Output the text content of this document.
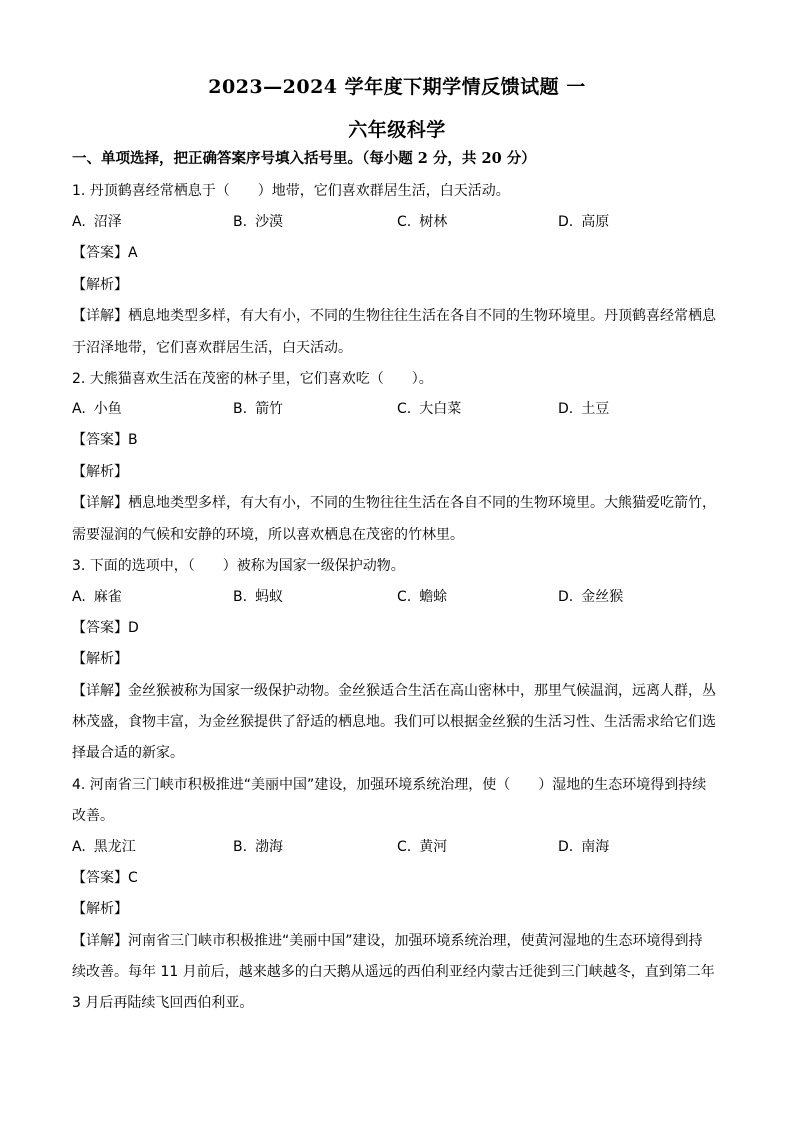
2023—2024 学年度下期学情反馈试题 一
六年级科学
一、单项选择，把正确答案序号填入括号里。（每小题 2 分，共 20 分）
1. 丹顶鹤喜经常栖息于（　　）地带，它们喜欢群居生活，白天活动。
A. 沼泽	B. 沙漠	C. 树林	D. 高原
【答案】A
【解析】
【详解】栖息地类型多样，有大有小，不同的生物往往生活在各自不同的生物环境里。丹顶鹤喜经常栖息
于沼泽地带，它们喜欢群居生活，白天活动。
2. 大熊猫喜欢生活在茂密的林子里，它们喜欢吃（　　）。
A. 小鱼	B. 箭竹	C. 大白菜	D. 土豆
【答案】B
【解析】
【详解】栖息地类型多样，有大有小，不同的生物往往生活在各自不同的生物环境里。大熊猫爱吃箭竹，
需要湿润的气候和安静的环境，所以喜欢栖息在茂密的竹林里。
3. 下面的选项中，（　　）被称为国家一级保护动物。
A. 麻雀	B. 蚂蚁	C. 蟾蜍	D. 金丝猴
【答案】D
【解析】
【详解】金丝猴被称为国家一级保护动物。金丝猴适合生活在高山密林中，那里气候温润，远离人群，丛
林茂盛，食物丰富，为金丝猴提供了舒适的栖息地。我们可以根据金丝猴的生活习性、生活需求给它们选
择最合适的新家。
4. 河南省三门峡市积极推进“美丽中国”建设，加强环境系统治理，使（　　）湿地的生态环境得到持续
改善。
A. 黑龙江	B. 渤海	C. 黄河	D. 南海
【答案】C
【解析】
【详解】河南省三门峡市积极推进“美丽中国”建设，加强环境系统治理，使黄河湿地的生态环境得到持
续改善。每年 11 月前后，越来越多的白天鹅从遥远的西伯利亚经内蒙古迁徙到三门峡越冬，直到第二年
3 月后再陆续飞回西伯利亚。
